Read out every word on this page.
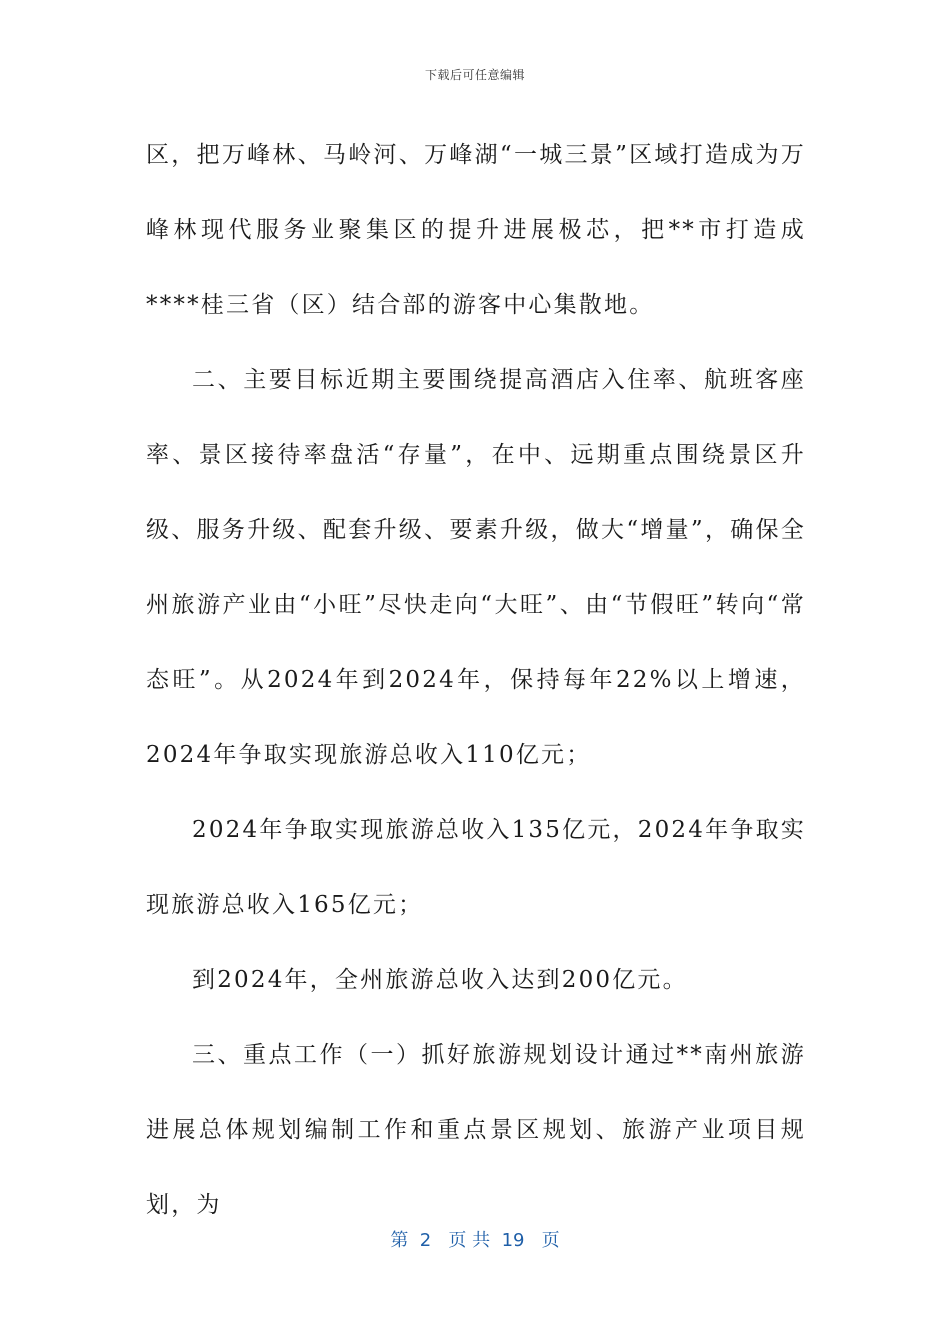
下载后可任意编辑

区，把万峰林、马岭河、万峰湖“一城三景”区域打造成为万峰林现代服务业聚集区的提升进展极芯，把**市打造成****桂三省（区）结合部的游客中心集散地。

二、主要目标近期主要围绕提高酒店入住率、航班客座率、景区接待率盘活“存量”，在中、远期重点围绕景区升级、服务升级、配套升级、要素升级，做大“增量”，确保全州旅游产业由“小旺”尽快走向“大旺”、由“节假旺”转向“常态旺”。从2024年到2024年，保持每年22%以上增速，2024年争取实现旅游总收入110亿元；

2024年争取实现旅游总收入135亿元，2024年争取实现旅游总收入165亿元；

到2024年，全州旅游总收入达到200亿元。

三、重点工作（一）抓好旅游规划设计通过**南州旅游进展总体规划编制工作和重点景区规划、旅游产业项目规划，为

第  2   页 共  19   页
